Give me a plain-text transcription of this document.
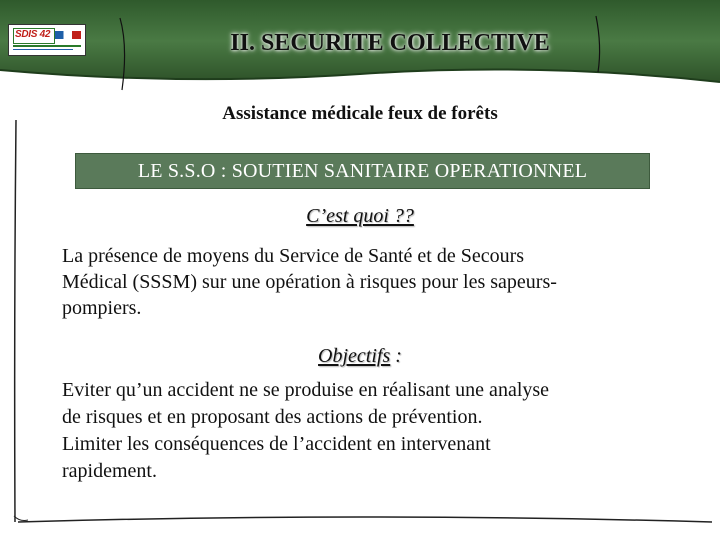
SDIS 42	II. SECURITE COLLECTIVE
Assistance médicale feux de forêts
LE S.S.O : SOUTIEN SANITAIRE OPERATIONNEL
C’est quoi ??
La présence de moyens du Service de Santé et de Secours
Médical (SSSM) sur une opération à risques pour les sapeurs-
pompiers.
Objectifs :
Eviter qu’un accident ne se produise en réalisant une analyse
de risques et en proposant des actions de prévention.
Limiter les conséquences de l’accident en intervenant
rapidement.
